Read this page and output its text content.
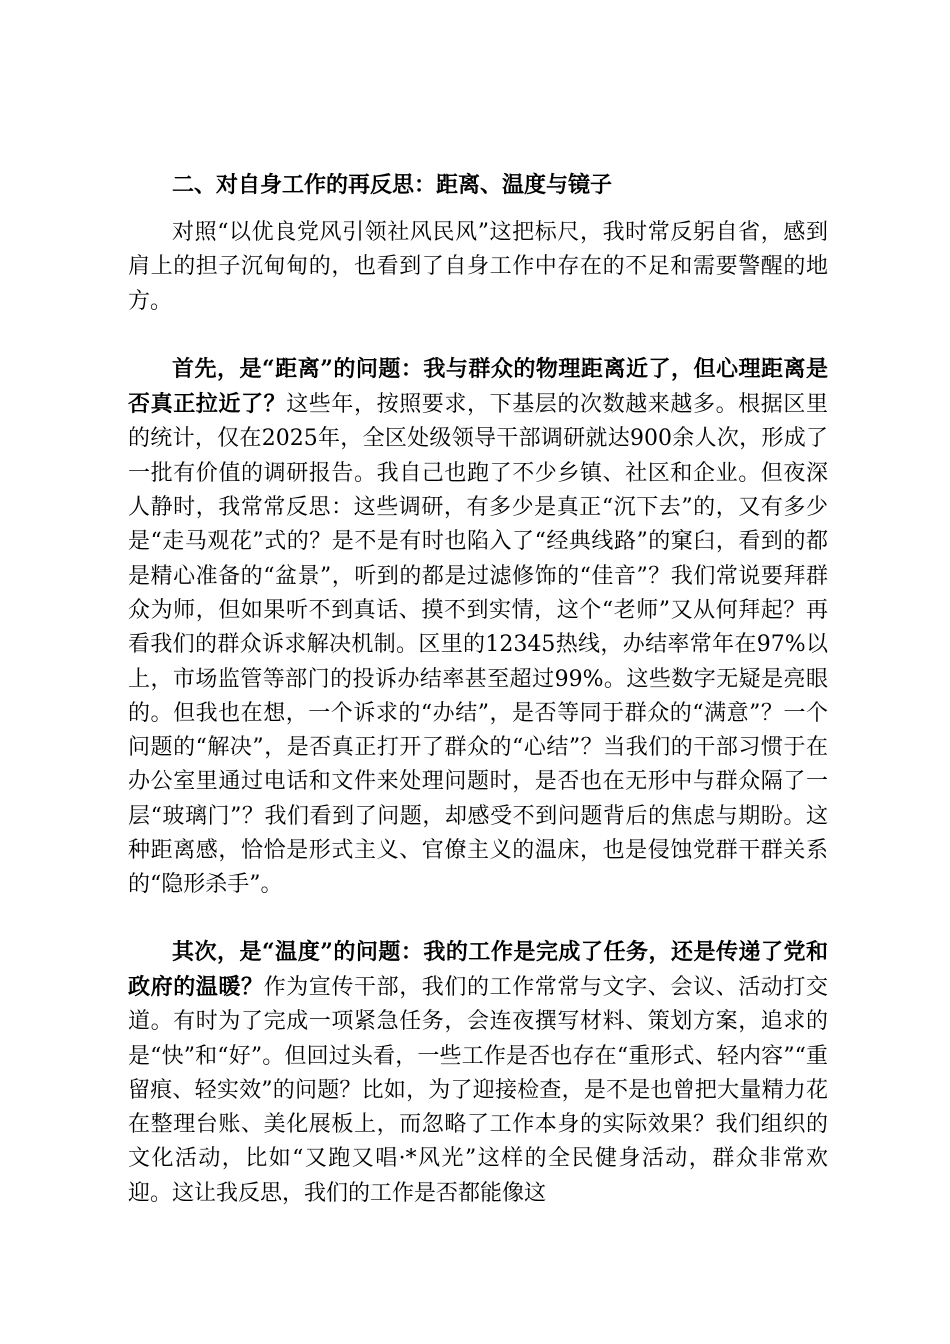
二、对自身工作的再反思：距离、温度与镜子

对照“以优良党风引领社风民风”这把标尺，我时常反躬自省，感到肩上的担子沉甸甸的，也看到了自身工作中存在的不足和需要警醒的地方。

首先，是“距离”的问题：我与群众的物理距离近了，但心理距离是否真正拉近了？这些年，按照要求，下基层的次数越来越多。根据区里的统计，仅在2025年，全区处级领导干部调研就达900余人次，形成了一批有价值的调研报告。我自己也跑了不少乡镇、社区和企业。但夜深人静时，我常常反思：这些调研，有多少是真正“沉下去”的，又有多少是“走马观花”式的？是不是有时也陷入了“经典线路”的窠臼，看到的都是精心准备的“盆景”，听到的都是过滤修饰的“佳音”？我们常说要拜群众为师，但如果听不到真话、摸不到实情，这个“老师”又从何拜起？再看我们的群众诉求解决机制。区里的12345热线，办结率常年在97%以上，市场监管等部门的投诉办结率甚至超过99%。这些数字无疑是亮眼的。但我也在想，一个诉求的“办结”，是否等同于群众的“满意”？一个问题的“解决”，是否真正打开了群众的“心结”？当我们的干部习惯于在办公室里通过电话和文件来处理问题时，是否也在无形中与群众隔了一层“玻璃门”？我们看到了问题，却感受不到问题背后的焦虑与期盼。这种距离感，恰恰是形式主义、官僚主义的温床，也是侵蚀党群干群关系的“隐形杀手”。

其次，是“温度”的问题：我的工作是完成了任务，还是传递了党和政府的温暖？作为宣传干部，我们的工作常常与文字、会议、活动打交道。有时为了完成一项紧急任务，会连夜撰写材料、策划方案，追求的是“快”和“好”。但回过头看，一些工作是否也存在“重形式、轻内容”“重留痕、轻实效”的问题？比如，为了迎接检查，是不是也曾把大量精力花在整理台账、美化展板上，而忽略了工作本身的实际效果？我们组织的文化活动，比如“又跑又唱·*风光”这样的全民健身活动，群众非常欢迎。这让我反思，我们的工作是否都能像这
